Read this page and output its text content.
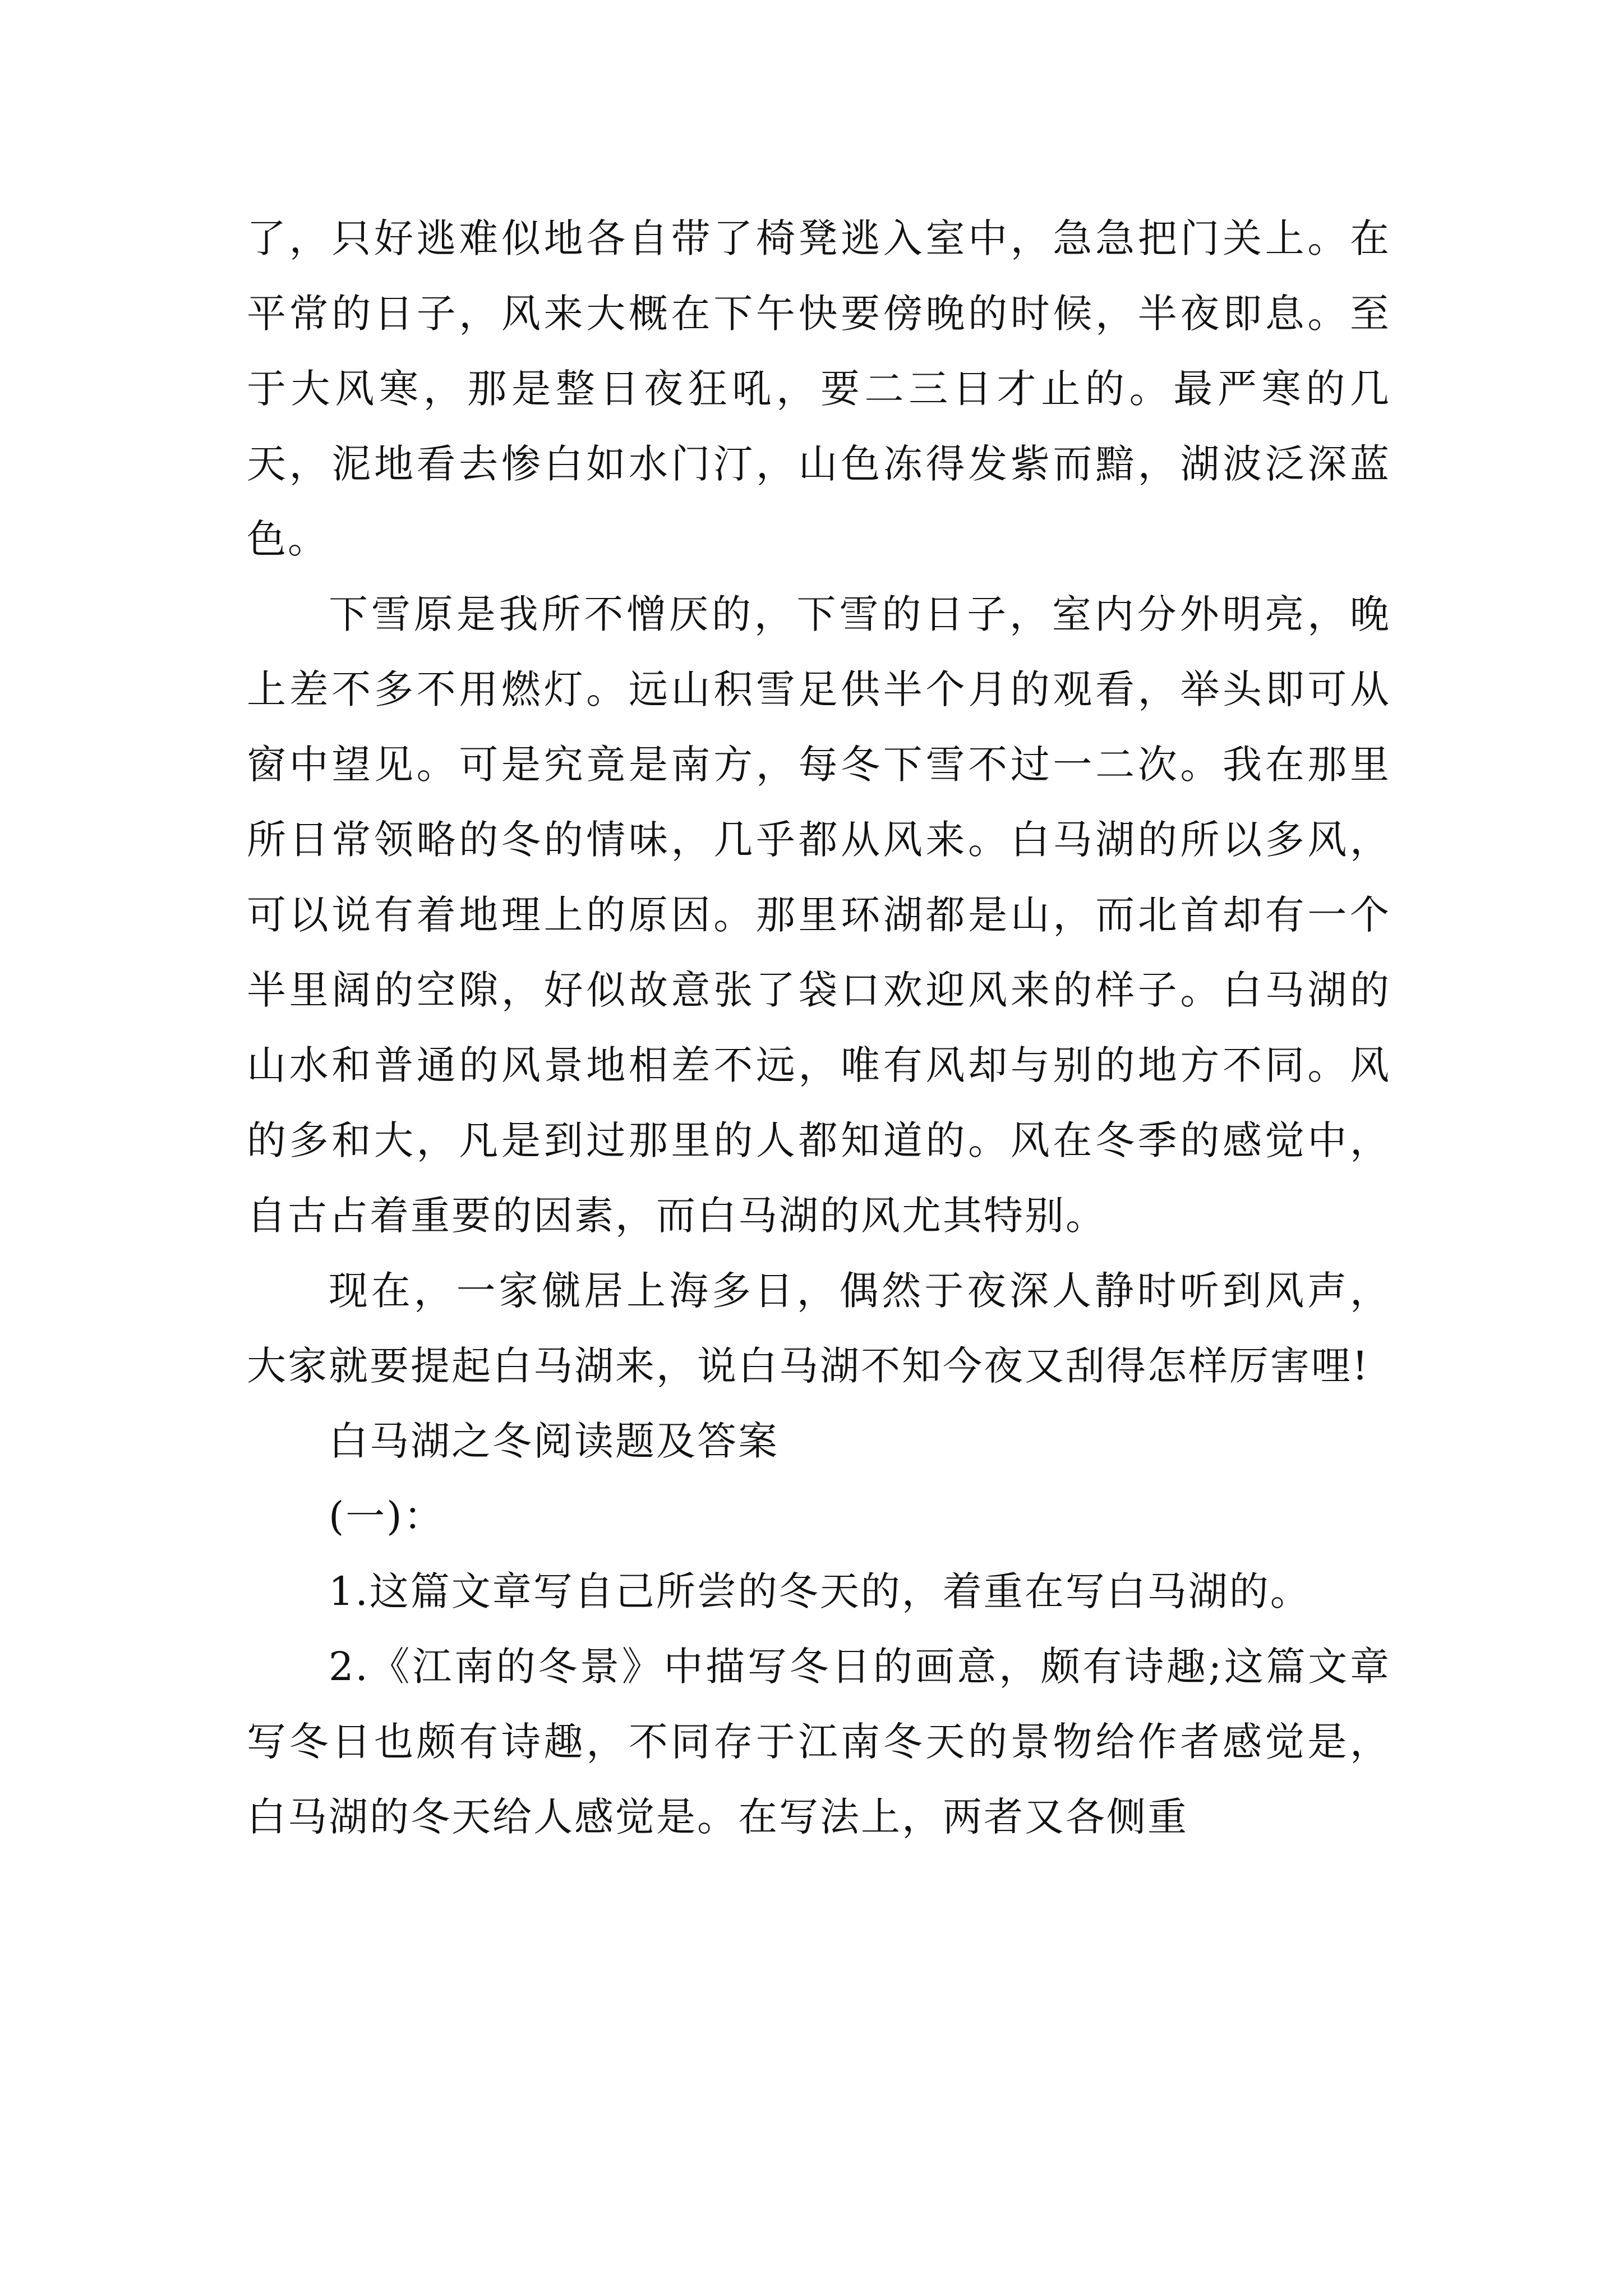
了，只好逃难似地各自带了椅凳逃入室中，急急把门关上。在平常的日子，风来大概在下午快要傍晚的时候，半夜即息。至于大风寒，那是整日夜狂吼，要二三日才止的。最严寒的几天，泥地看去惨白如水门汀，山色冻得发紫而黯，湖波泛深蓝色。

下雪原是我所不憎厌的，下雪的日子，室内分外明亮，晚上差不多不用燃灯。远山积雪足供半个月的观看，举头即可从窗中望见。可是究竟是南方，每冬下雪不过一二次。我在那里所日常领略的冬的情味，几乎都从风来。白马湖的所以多风，可以说有着地理上的原因。那里环湖都是山，而北首却有一个半里阔的空隙，好似故意张了袋口欢迎风来的样子。白马湖的山水和普通的风景地相差不远，唯有风却与别的地方不同。风的多和大，凡是到过那里的人都知道的。风在冬季的感觉中，自古占着重要的因素，而白马湖的风尤其特别。

现在，一家僦居上海多日，偶然于夜深人静时听到风声，大家就要提起白马湖来，说白马湖不知今夜又刮得怎样厉害哩!

白马湖之冬阅读题及答案

(一)：

1.这篇文章写自己所尝的冬天的，着重在写白马湖的。

2.《江南的冬景》中描写冬日的画意，颇有诗趣;这篇文章写冬日也颇有诗趣，不同存于江南冬天的景物给作者感觉是，白马湖的冬天给人感觉是。在写法上，两者又各侧重
